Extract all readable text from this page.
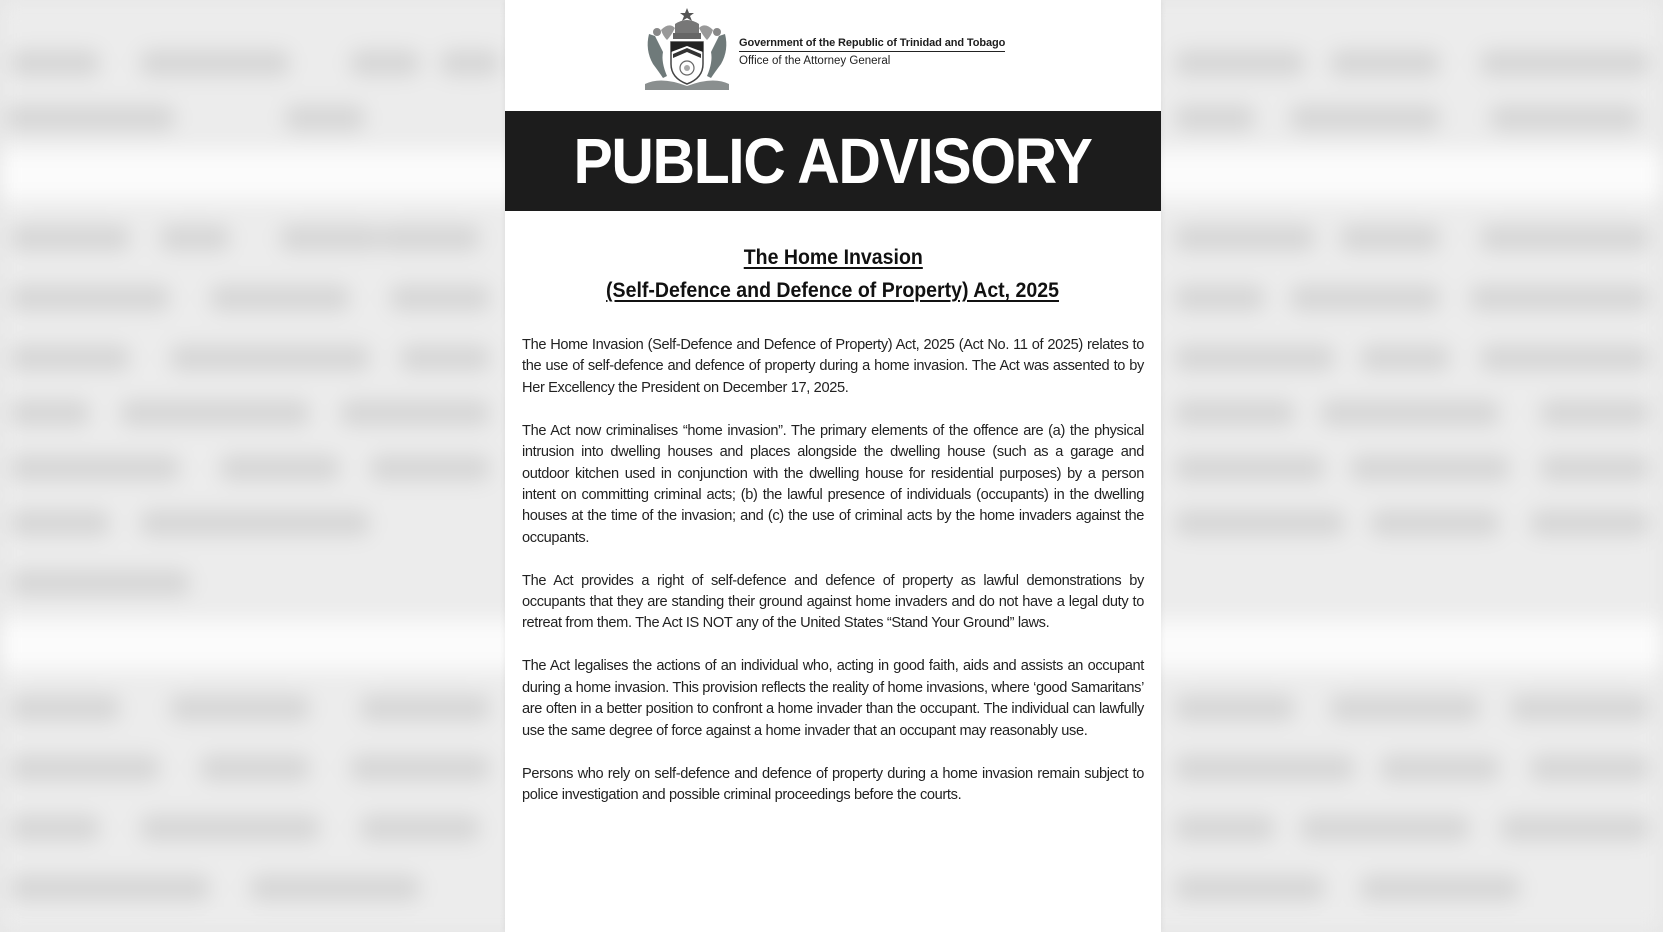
Government of the Republic of Trinidad and Tobago
Office of the Attorney General
PUBLIC ADVISORY
The Home Invasion
(Self-Defence and Defence of Property) Act, 2025

The Home Invasion (Self-Defence and Defence of Property) Act, 2025 (Act No. 11 of 2025) relates to the use of self-defence and defence of property during a home invasion. The Act was assented to by Her Excellency the President on December 17, 2025.

The Act now criminalises “home invasion”. The primary elements of the offence are (a) the physical intrusion into dwelling houses and places alongside the dwelling house (such as a garage and outdoor kitchen used in conjunction with the dwelling house for residential purposes) by a person intent on committing criminal acts; (b) the lawful presence of individuals (occupants) in the dwelling houses at the time of the invasion; and (c) the use of criminal acts by the home invaders against the occupants.

The Act provides a right of self-defence and defence of property as lawful demonstrations by occupants that they are standing their ground against home invaders and do not have a legal duty to retreat from them. The Act IS NOT any of the United States “Stand Your Ground” laws.

The Act legalises the actions of an individual who, acting in good faith, aids and assists an occupant during a home invasion. This provision reflects the reality of home invasions, where ‘good Samaritans’ are often in a better position to confront a home invader than the occupant. The individual can lawfully use the same degree of force against a home invader that an occupant may reasonably use.

Persons who rely on self-defence and defence of property during a home invasion remain subject to police investigation and possible criminal proceedings before the courts.
